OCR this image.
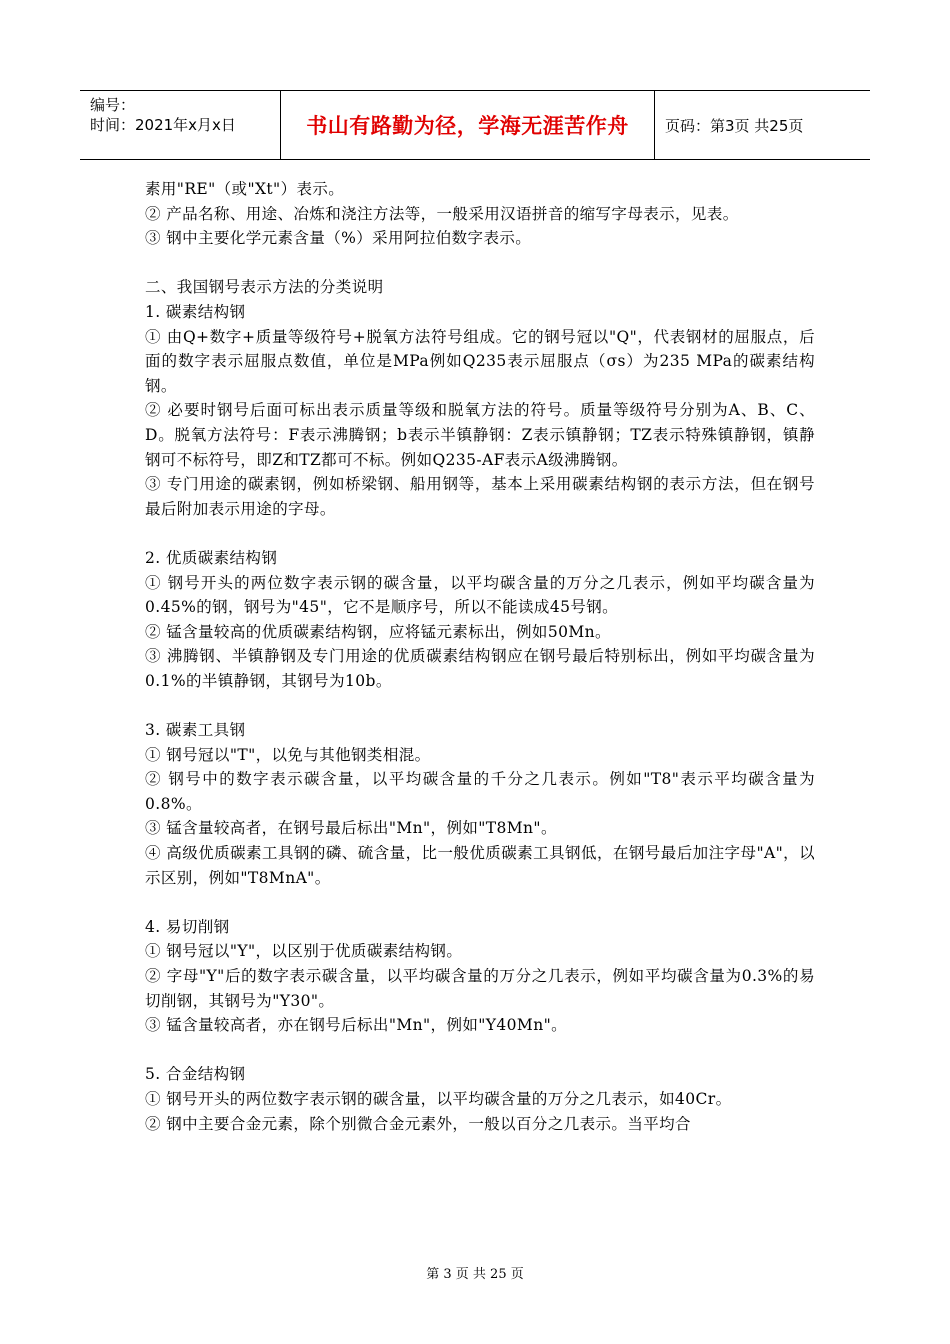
编号：
时间：2021年x月x日	书山有路勤为径，学海无涯苦作舟	页码：第3页 共25页

素用"RE"（或"Xt"）表示。

② 产品名称、用途、冶炼和浇注方法等，一般采用汉语拼音的缩写字母表示，见表。

③ 钢中主要化学元素含量（%）采用阿拉伯数字表示。

二、我国钢号表示方法的分类说明

1. 碳素结构钢

① 由Q+数字+质量等级符号+脱氧方法符号组成。它的钢号冠以"Q"，代表钢材的屈服点，后面的数字表示屈服点数值，单位是MPa例如Q235表示屈服点（σs）为235 MPa的碳素结构钢。

② 必要时钢号后面可标出表示质量等级和脱氧方法的符号。质量等级符号分别为A、B、C、D。脱氧方法符号：F表示沸腾钢；b表示半镇静钢：Z表示镇静钢；TZ表示特殊镇静钢，镇静钢可不标符号，即Z和TZ都可不标。例如Q235-AF表示A级沸腾钢。

③ 专门用途的碳素钢，例如桥梁钢、船用钢等，基本上采用碳素结构钢的表示方法，但在钢号最后附加表示用途的字母。

2. 优质碳素结构钢

① 钢号开头的两位数字表示钢的碳含量，以平均碳含量的万分之几表示，例如平均碳含量为0.45%的钢，钢号为"45"，它不是顺序号，所以不能读成45号钢。

② 锰含量较高的优质碳素结构钢，应将锰元素标出，例如50Mn。

③ 沸腾钢、半镇静钢及专门用途的优质碳素结构钢应在钢号最后特别标出，例如平均碳含量为0.1%的半镇静钢，其钢号为10b。

3. 碳素工具钢

① 钢号冠以"T"，以免与其他钢类相混。

② 钢号中的数字表示碳含量，以平均碳含量的千分之几表示。例如"T8"表示平均碳含量为0.8%。

③ 锰含量较高者，在钢号最后标出"Mn"，例如"T8Mn"。

④ 高级优质碳素工具钢的磷、硫含量，比一般优质碳素工具钢低，在钢号最后加注字母"A"，以示区别，例如"T8MnA"。

4. 易切削钢

① 钢号冠以"Y"，以区别于优质碳素结构钢。

② 字母"Y"后的数字表示碳含量，以平均碳含量的万分之几表示，例如平均碳含量为0.3%的易切削钢，其钢号为"Y30"。

③ 锰含量较高者，亦在钢号后标出"Mn"，例如"Y40Mn"。

5. 合金结构钢

① 钢号开头的两位数字表示钢的碳含量，以平均碳含量的万分之几表示，如40Cr。

② 钢中主要合金元素，除个别微合金元素外，一般以百分之几表示。当平均合

第 3 页 共 25 页
